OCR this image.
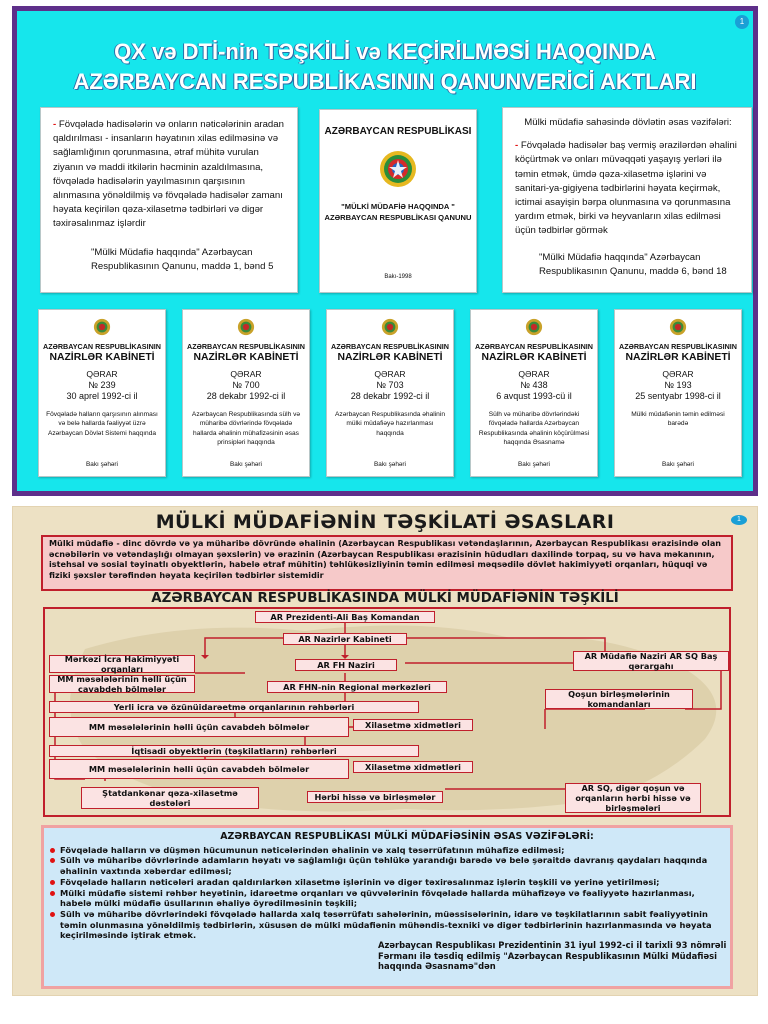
1
QX və DTİ-nin TƏŞKİLİ və KEÇİRİLMƏSİ HAQQINDA
AZƏRBAYCAN RESPUBLİKASININ QANUNVERİCİ AKTLARI

- Fövqəladə hadisələrin və onların nəticələrinin aradan qaldırılması - insanların həyatının xilas edilməsinə və sağlamlığının qorunmasına, ətraf mühitə vurulan ziyanın və maddi itkilərin həcminin azaldılmasına, fövqəladə hadisələrin yayılmasının qarşısının alınmasına yönəldilmiş və fövqəladə hadisələr zamanı həyata keçirilən qəza-xilasetmə tədbirləri və digər təxirəsalınmaz işlərdir

"Mülki Müdafiə haqqında" Azərbaycan
Respublikasının Qanunu, maddə 1, bənd 5

AZƏRBAYCAN RESPUBLİKASI
"MÜLKİ MÜDAFİƏ HAQQINDA "
AZƏRBAYCAN RESPUBLİKASI QANUNU
Bakı-1998
Mülki müdafiə sahəsində dövlətin əsas vəzifələri:

- Fövqəladə hadisələr baş vermiş ərazilərdən əhalini köçürtmək və onları müvəqqəti yaşayış yerləri ilə təmin etmək, ümdə qəza-xilasetmə işlərini və sanitari-ya-gigiyena tədbirlərini həyata keçirmək, ictimai asayişin bərpa olunmasına və qorunmasına yardım etmək, birki və heyvanların xilas edilməsi üçün tədbirlər görmək

"Mülki Müdafiə haqqında" Azərbaycan
Respublikasının Qanunu, maddə 6, bənd 18

AZƏRBAYCAN RESPUBLİKASININ
NAZİRLƏR KABİNETİ
QƏRAR
№ 239
30 aprel 1992-ci il
Fövqəladə halların qarşısının alınması və belə hallarda fəaliyyət üzrə Azərbaycan Dövlət Sistemi haqqında
Bakı şəhəri
AZƏRBAYCAN RESPUBLİKASININ
NAZİRLƏR KABİNETİ
QƏRAR
№ 700
28 dekabr 1992-ci il
Azərbaycan Respublikasında sülh və müharibə dövrlərində fövqəladə hallarda əhalinin mühafizəsinin əsas prinsipləri haqqında
Bakı şəhəri
AZƏRBAYCAN RESPUBLİKASININ
NAZİRLƏR KABİNETİ
QƏRAR
№ 703
28 dekabr 1992-ci il
Azərbaycan Respublikasında əhalinin mülki müdafiəyə hazırlanması haqqında
Bakı şəhəri
AZƏRBAYCAN RESPUBLİKASININ
NAZİRLƏR KABİNETİ
QƏRAR
№ 438
6 avqust 1993-cü il
Sülh və müharibə dövrlərindəki fövqəladə hallarda Azərbaycan Respublikasında əhalinin köçürülməsi haqqında Əsasnamə
Bakı şəhəri
AZƏRBAYCAN RESPUBLİKASININ
NAZİRLƏR KABİNETİ
QƏRAR
№ 193
25 sentyabr 1998-ci il
Mülki müdafiənin təmin edilməsi barədə
Bakı şəhəri
1
MÜLKİ MÜDAFİƏNİN TƏŞKİLATİ ƏSASLARI
Mülki müdafiə - dinc dövrdə və ya müharibə dövründə əhalinin (Azərbaycan Respublikası vətəndaşlarının, Azərbaycan Respublikası ərazisində olan əcnəbilərin və vətəndaşlığı olmayan şəxslərin) və ərazinin (Azərbaycan Respublikası ərazisinin hüdudları daxilində torpaq, su və hava məkanının, istehsal və sosial təyinatlı obyektlərin, habelə ətraf mühitin) təhlükəsizliyinin təmin edilməsi məqsədilə dövlət hakimiyyəti orqanları, hüquqi və fiziki şəxslər tərəfindən həyata keçirilən tədbirlər sistemidir
AZƏRBAYCAN RESPUBLİKASINDA MÜLKİ MÜDAFİƏNİN TƏŞKİLİ
AR Prezidenti-Ali Baş Komandan
AR Nazirlər Kabineti
Mərkəzi İcra Hakimiyyəti orqanları
MM məsələlərinin həlli üçün cavabdeh bölmələr
AR FH Naziri
AR Müdafiə Naziri AR SQ Baş qərargahı
AR FHN-nin Regional mərkəzləri
Yerli icra və özünüidarəetmə orqanlarının rəhbərləri
MM məsələlərinin həlli üçün cavabdeh bölmələr	Xilasetmə xidmətləri
Qoşun birləşmələrinin komandanları
İqtisadi obyektlərin (təşkilatların) rəhbərləri
MM məsələlərinin həlli üçün cavabdeh bölmələr	Xilasetmə xidmətləri
Ştatdankənar qəza-xilasetmə dəstələri
Hərbi hissə və birləşmələr
AR SQ, digər qoşun və orqanların hərbi hissə və birləşmələri
AZƏRBAYCAN RESPUBLİKASI MÜLKİ MÜDAFİƏSİNİN ƏSAS VƏZİFƏLƏRİ:
Fövqəladə halların və düşmən hücumunun nəticələrindən əhalinin və xalq təsərrüfatının mühafizə edilməsi;
Sülh və müharibə dövrlərində adamların həyatı və sağlamlığı üçün təhlükə yarandığı barədə və belə şəraitdə davranış qaydaları haqqında əhalinin vaxtında xəbərdar edilməsi;
Fövqəladə halların nəticələri aradan qaldırılarkən xilasetmə işlərinin və digər təxirəsalınmaz işlərin təşkili və yerinə yetirilməsi;
Mülki müdafiə sistemi rəhbər heyətinin, idarəetmə orqanları və qüvvələrinin fövqəladə hallarda mühafizəyə və fəaliyyətə hazırlanması, habelə mülki müdafiə üsullarının əhaliyə öyrədilməsinin təşkili;
Sülh və müharibə dövrlərindəki fövqəladə hallarda xalq təsərrüfatı sahələrinin, müəssisələrinin, idarə və təşkilatlarının sabit fəaliyyətinin təmin olunmasına yönəldilmiş tədbirlərin, xüsusən də mülki müdafiənin mühəndis-texniki və digər tədbirlərinin hazırlanmasında və həyata keçirilməsində iştirak etmək.
Azərbaycan Respublikası Prezidentinin 31 iyul 1992-ci il tarixli 93 nömrəli Fərmanı ilə təsdiq edilmiş "Azərbaycan Respublikasının Mülki Müdafiəsi haqqında Əsasnamə"dən
